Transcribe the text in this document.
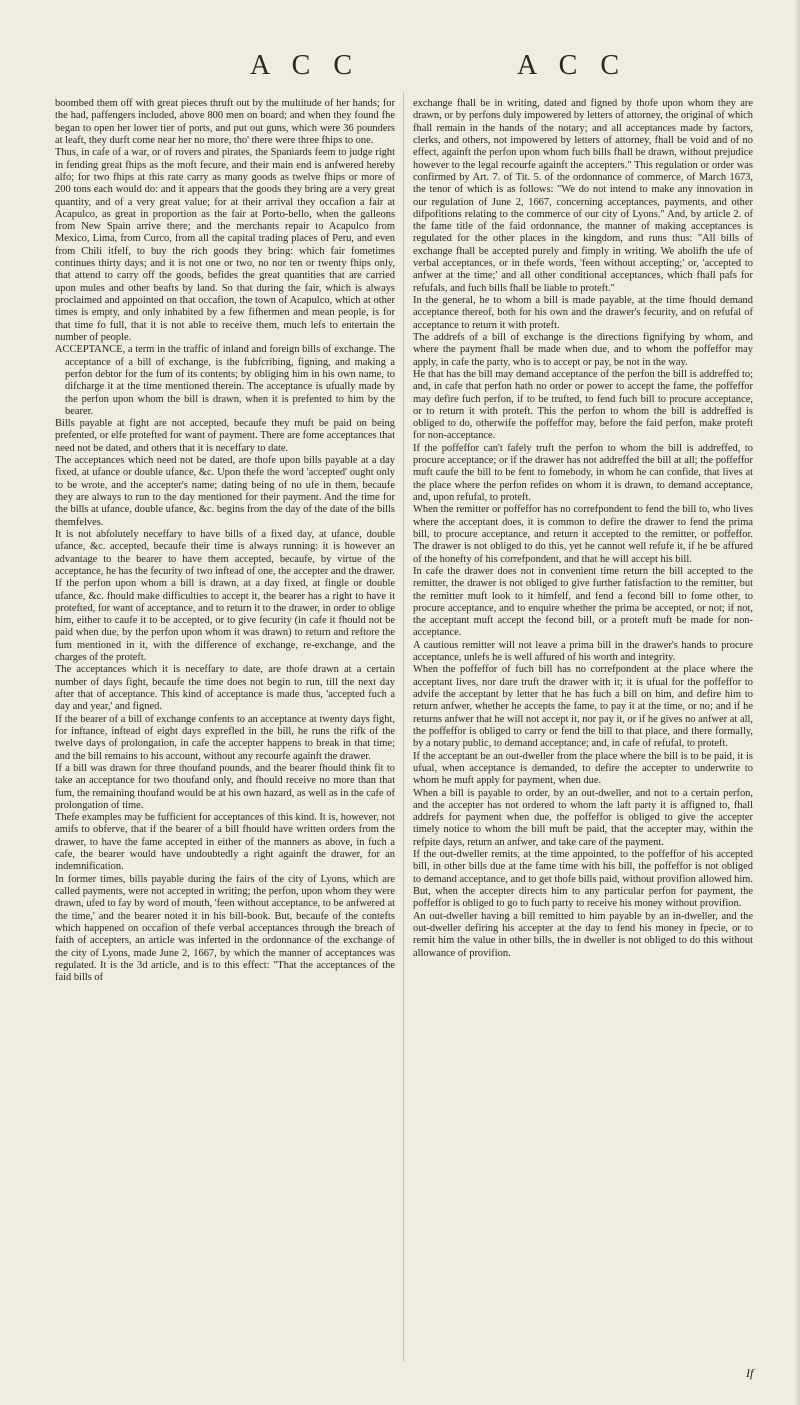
A C C	A C C

boombed them off with great pieces thruft out by the multitude of her hands; for the had, paffengers included, above 800 men on board; and when they found fhe began to open her lower tier of ports, and put out guns, which were 36 pounders at leaft, they durft come near her no more, tho' there were three fhips to one.

Thus, in cafe of a war, or of rovers and pirates, the Spaniards feem to judge right in fending great fhips as the moft fecure, and their main end is anfwered hereby alfo; for two fhips at this rate carry as many goods as twelve fhips or more of 200 tons each would do: and it appears that the goods they bring are a very great quantity, and of a very great value; for at their arrival they occafion a fair at Acapulco, as great in proportion as the fair at Porto-bello, when the galleons from New Spain arrive there; and the merchants repair to Acapulco from Mexico, Lima, from Curco, from all the capital trading places of Peru, and even from Chili itfelf, to buy the rich goods they bring: which fair fometimes continues thirty days; and it is not one or two, no nor ten or twenty fhips only, that attend to carry off the goods, befides the great quantities that are carried upon mules and other beafts by land. So that during the fair, which is always proclaimed and appointed on that occafion, the town of Acapulco, which at other times is empty, and only inhabited by a few fifhermen and mean people, is for that time fo full, that it is not able to receive them, much lefs to entertain the number of people.

ACCEPTANCE, a term in the traffic of inland and foreign bills of exchange. The acceptance of a bill of exchange, is the fubfcribing, figning, and making a perfon debtor for the fum of its contents; by obliging him in his own name, to difcharge it at the time mentioned therein. The acceptance is ufually made by the perfon upon whom the bill is drawn, when it is prefented to him by the bearer.

Bills payable at fight are not accepted, becaufe they muft be paid on being prefented, or elfe protefted for want of payment. There are fome acceptances that need not be dated, and others that it is neceffary to date.

The acceptances which need not be dated, are thofe upon bills payable at a day fixed, at ufance or double ufance, &c. Upon thefe the word 'accepted' ought only to be wrote, and the accepter's name; dating being of no ufe in them, becaufe they are always to run to the day mentioned for their payment. And the time for the bills at ufance, double ufance, &c. begins from the day of the date of the bills themfelves.

It is not abfolutely neceffary to have bills of a fixed day, at ufance, double ufance, &c. accepted, becaufe their time is always running: it is however an advantage to the bearer to have them accepted, becaufe, by virtue of the acceptance, he has the fecurity of two inftead of one, the accepter and the drawer.

If the perfon upon whom a bill is drawn, at a day fixed, at fingle or double ufance, &c. fhould make difficulties to accept it, the bearer has a right to have it protefted, for want of acceptance, and to return it to the drawer, in order to oblige him, either to caufe it to be accepted, or to give fecurity (in cafe it fhould not be paid when due, by the perfon upon whom it was drawn) to return and reftore the fum mentioned in it, with the difference of exchange, re-exchange, and the charges of the proteft.

The acceptances which it is neceffary to date, are thofe drawn at a certain number of days fight, becaufe the time does not begin to run, till the next day after that of acceptance. This kind of acceptance is made thus, 'accepted fuch a day and year,' and figned.

If the bearer of a bill of exchange confents to an acceptance at twenty days fight, for inftance, inftead of eight days exprefled in the bill, he runs the rifk of the twelve days of prolongation, in cafe the accepter happens to break in that time; and the bill remains to his account, without any recourfe againft the drawer.

If a bill was drawn for three thoufand pounds, and the bearer fhould think fit to take an acceptance for two thoufand only, and fhould receive no more than that fum, the remaining thoufand would be at his own hazard, as well as in the cafe of prolongation of time.

Thefe examples may be fufficient for acceptances of this kind. It is, however, not amifs to obferve, that if the bearer of a bill fhould have written orders from the drawer, to have the fame accepted in either of the manners as above, in fuch a cafe, the bearer would have undoubtedly a right againft the drawer, for an indemnification.

In former times, bills payable during the fairs of the city of Lyons, which are called payments, were not accepted in writing; the perfon, upon whom they were drawn, ufed to fay by word of mouth, 'feen without acceptance, to be anfwered at the time,' and the bearer noted it in his bill-book. But, becaufe of the contefts which happened on occafion of thefe verbal acceptances through the breach of faith of accepters, an article was inferted in the ordonnance of the exchange of the city of Lyons, made June 2, 1667, by which the manner of acceptances was regulated. It is the 3d article, and is to this effect: "That the acceptances of the faid bills of

exchange fhall be in writing, dated and figned by thofe upon whom they are drawn, or by perfons duly impowered by letters of attorney, the original of which fhall remain in the hands of the notary; and all acceptances made by factors, clerks, and others, not impowered by letters of attorney, fhall be void and of no effect, againft the perfon upon whom fuch bills fhall be drawn, without prejudice however to the legal recourfe againft the accepters." This regulation or order was confirmed by Art. 7. of Tit. 5. of the ordonnance of commerce, of March 1673, the tenor of which is as follows: "We do not intend to make any innovation in our regulation of June 2, 1667, concerning acceptances, payments, and other difpofitions relating to the commerce of our city of Lyons." And, by article 2. of the fame title of the faid ordonnance, the manner of making acceptances is regulated for the other places in the kingdom, and runs thus: "All bills of exchange fhall be accepted purely and fimply in writing. We abolifh the ufe of verbal acceptances, or in thefe words, 'feen without accepting;' or, 'accepted to anfwer at the time;' and all other conditional acceptances, which fhall pafs for refufals, and fuch bills fhall be liable to proteft."

In the general, he to whom a bill is made payable, at the time fhould demand acceptance thereof, both for his own and the drawer's fecurity, and on refufal of acceptance to return it with proteft.

The addrefs of a bill of exchange is the directions fignifying by whom, and where the payment fhall be made when due, and to whom the poffeffor may apply, in cafe the party, who is to accept or pay, be not in the way.

He that has the bill may demand acceptance of the perfon the bill is addreffed to; and, in cafe that perfon hath no order or power to accept the fame, the poffeffor may defire fuch perfon, if to be trufted, to fend fuch bill to procure acceptance, or to return it with proteft. This the perfon to whom the bill is addreffed is obliged to do, otherwife the poffeffor may, before the faid perfon, make proteft for non-acceptance.

If the poffeffor can't fafely truft the perfon to whom the bill is addreffed, to procure acceptance; or if the drawer has not addreffed the bill at all; the poffeffor muft caufe the bill to be fent to fomebody, in whom he can confide, that lives at the place where the perfon refides on whom it is drawn, to demand acceptance, and, upon refufal, to proteft.

When the remitter or poffeffor has no correfpondent to fend the bill to, who lives where the acceptant does, it is common to defire the drawer to fend the prima bill, to procure acceptance, and return it accepted to the remitter, or poffeffor. The drawer is not obliged to do this, yet he cannot well refufe it, if he be affured of the honefty of his correfpondent, and that he will accept his bill.

In cafe the drawer does not in convenient time return the bill accepted to the remitter, the drawer is not obliged to give further fatisfaction to the remitter, but the remitter muft look to it himfelf, and fend a fecond bill to fome other, to procure acceptance, and to enquire whether the prima be accepted, or not; if not, the acceptant muft accept the fecond bill, or a proteft muft be made for non-acceptance.

A cautious remitter will not leave a prima bill in the drawer's hands to procure acceptance, unlefs he is well affured of his worth and integrity.

When the poffeffor of fuch bill has no correfpondent at the place where the acceptant lives, nor dare truft the drawer with it; it is ufual for the poffeffor to advife the acceptant by letter that he has fuch a bill on him, and defire him to return anfwer, whether he accepts the fame, to pay it at the time, or no; and if he returns anfwer that he will not accept it, nor pay it, or if he gives no anfwer at all, the poffeffor is obliged to carry or fend the bill to that place, and there formally, by a notary public, to demand acceptance; and, in cafe of refufal, to proteft.

If the acceptant be an out-dweller from the place where the bill is to be paid, it is ufual, when acceptance is demanded, to defire the accepter to underwrite to whom he muft apply for payment, when due.

When a bill is payable to order, by an out-dweller, and not to a certain perfon, and the accepter has not ordered to whom the laft party it is affigned to, fhall addrefs for payment when due, the poffeffor is obliged to give the accepter timely notice to whom the bill muft be paid, that the accepter may, within the refpite days, return an anfwer, and take care of the payment.

If the out-dweller remits, at the time appointed, to the poffeffor of his accepted bill, in other bills due at the fame time with his bill, the poffeffor is not obliged to demand acceptance, and to get thofe bills paid, without provifion allowed him. But, when the accepter directs him to any particular perfon for payment, the poffeffor is obliged to go to fuch party to receive his money without provifion.

An out-dweller having a bill remitted to him payable by an in-dweller, and the out-dweller defiring his accepter at the day to fend his money in fpecie, or to remit him the value in other bills, the in dweller is not obliged to do this without allowance of provifion.

If
